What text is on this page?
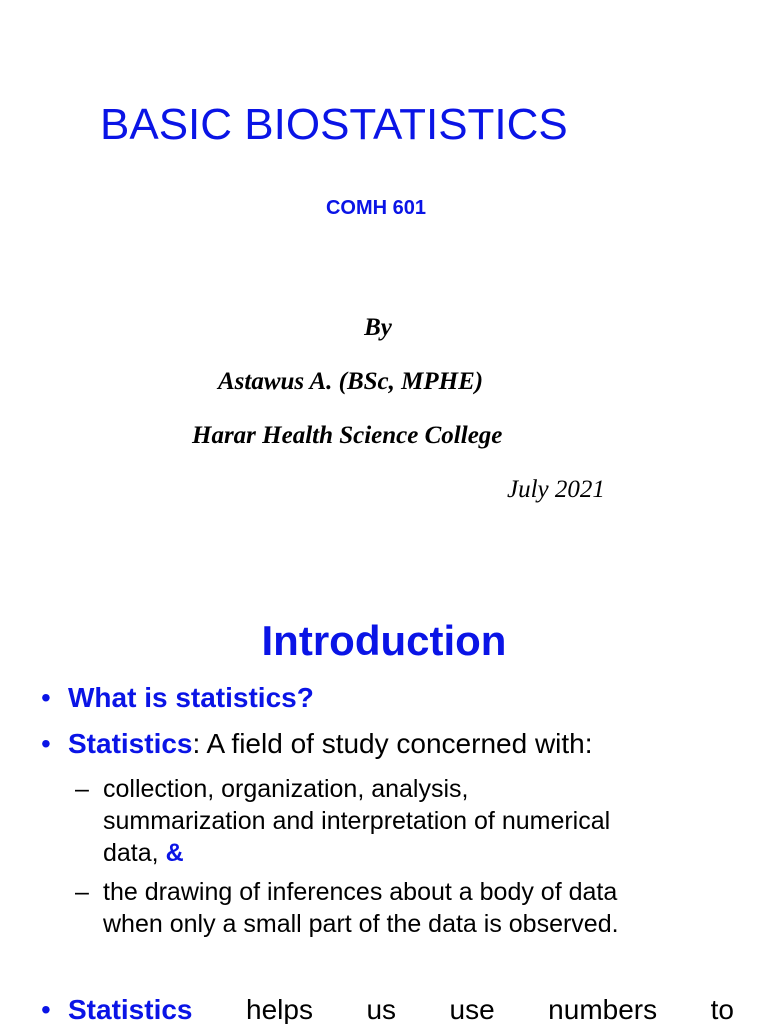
BASIC BIOSTATISTICS
COMH 601
By
Astawus A. (BSc, MPHE)
Harar Health Science College
July 2021
Introduction
• What is statistics?
• Statistics: A field of study concerned with:
– collection, organization, analysis,
summarization and interpretation of numerical
data, &
– the drawing of inferences about a body of data
when only a small part of the data is observed.
• Statistics helps us use numbers to
